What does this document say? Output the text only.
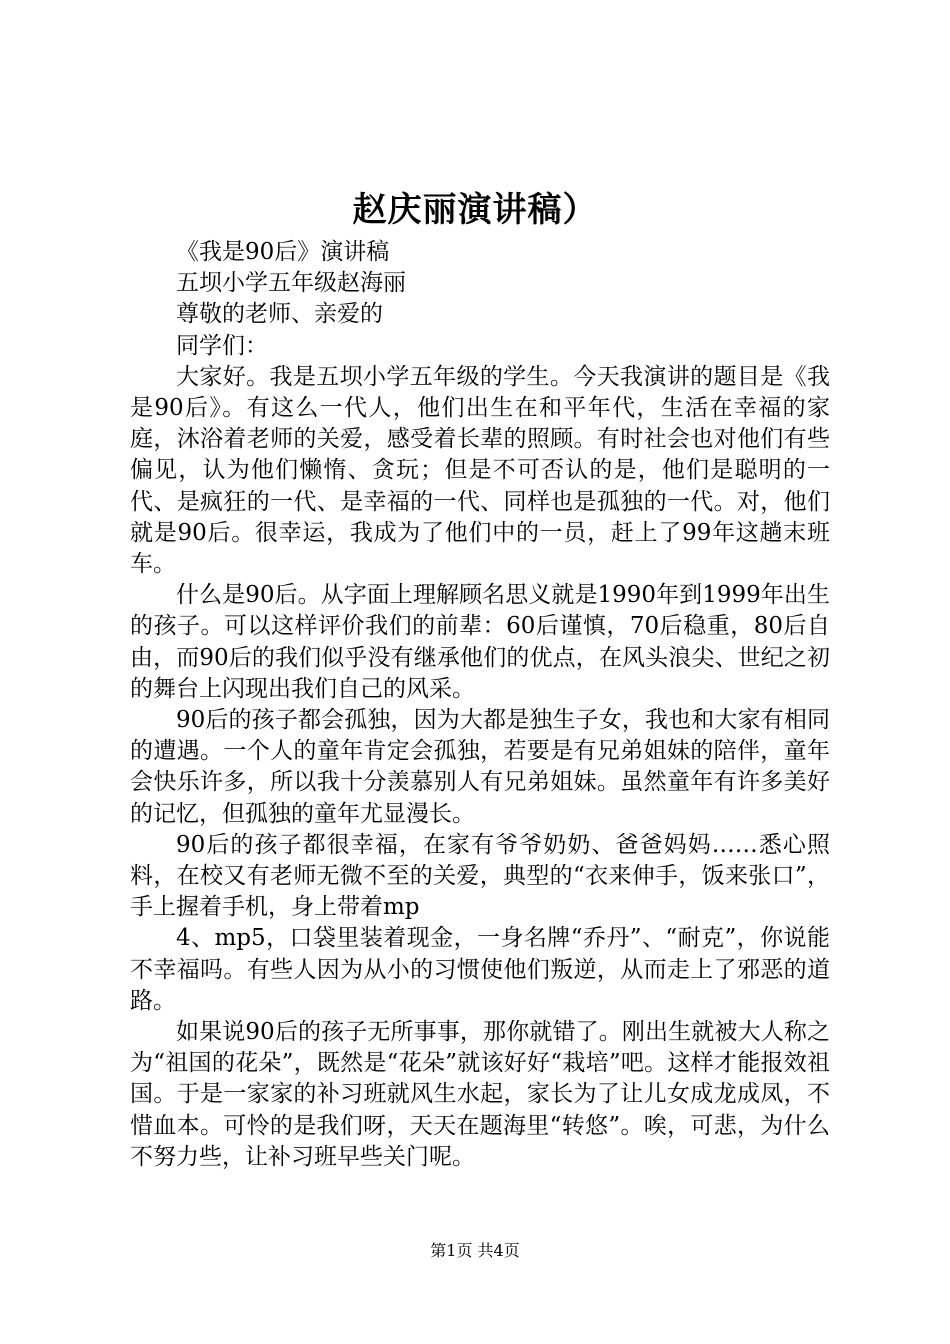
赵庆丽演讲稿）

《我是90后》演讲稿

五坝小学五年级赵海丽

尊敬的老师、亲爱的

同学们：

大家好。我是五坝小学五年级的学生。今天我演讲的题目是《我是90后》。有这么一代人，他们出生在和平年代，生活在幸福的家庭，沐浴着老师的关爱，感受着长辈的照顾。有时社会也对他们有些偏见，认为他们懒惰、贪玩；但是不可否认的是，他们是聪明的一代、是疯狂的一代、是幸福的一代、同样也是孤独的一代。对，他们就是90后。很幸运，我成为了他们中的一员，赶上了99年这趟末班车。

什么是90后。从字面上理解顾名思义就是1990年到1999年出生的孩子。可以这样评价我们的前辈：60后谨慎，70后稳重，80后自由，而90后的我们似乎没有继承他们的优点，在风头浪尖、世纪之初的舞台上闪现出我们自己的风采。

90后的孩子都会孤独，因为大都是独生子女，我也和大家有相同的遭遇。一个人的童年肯定会孤独，若要是有兄弟姐妹的陪伴，童年会快乐许多，所以我十分羡慕别人有兄弟姐妹。虽然童年有许多美好的记忆，但孤独的童年尤显漫长。

90后的孩子都很幸福，在家有爷爷奶奶、爸爸妈妈……悉心照料，在校又有老师无微不至的关爱，典型的“衣来伸手，饭来张口”，手上握着手机，身上带着mp

4、mp5，口袋里装着现金，一身名牌“乔丹”、“耐克”，你说能不幸福吗。有些人因为从小的习惯使他们叛逆，从而走上了邪恶的道路。

如果说90后的孩子无所事事，那你就错了。刚出生就被大人称之为“祖国的花朵”，既然是“花朵”就该好好“栽培”吧。这样才能报效祖国。于是一家家的补习班就风生水起，家长为了让儿女成龙成凤，不惜血本。可怜的是我们呀，天天在题海里“转悠”。唉，可悲，为什么不努力些，让补习班早些关门呢。

第1页 共4页
